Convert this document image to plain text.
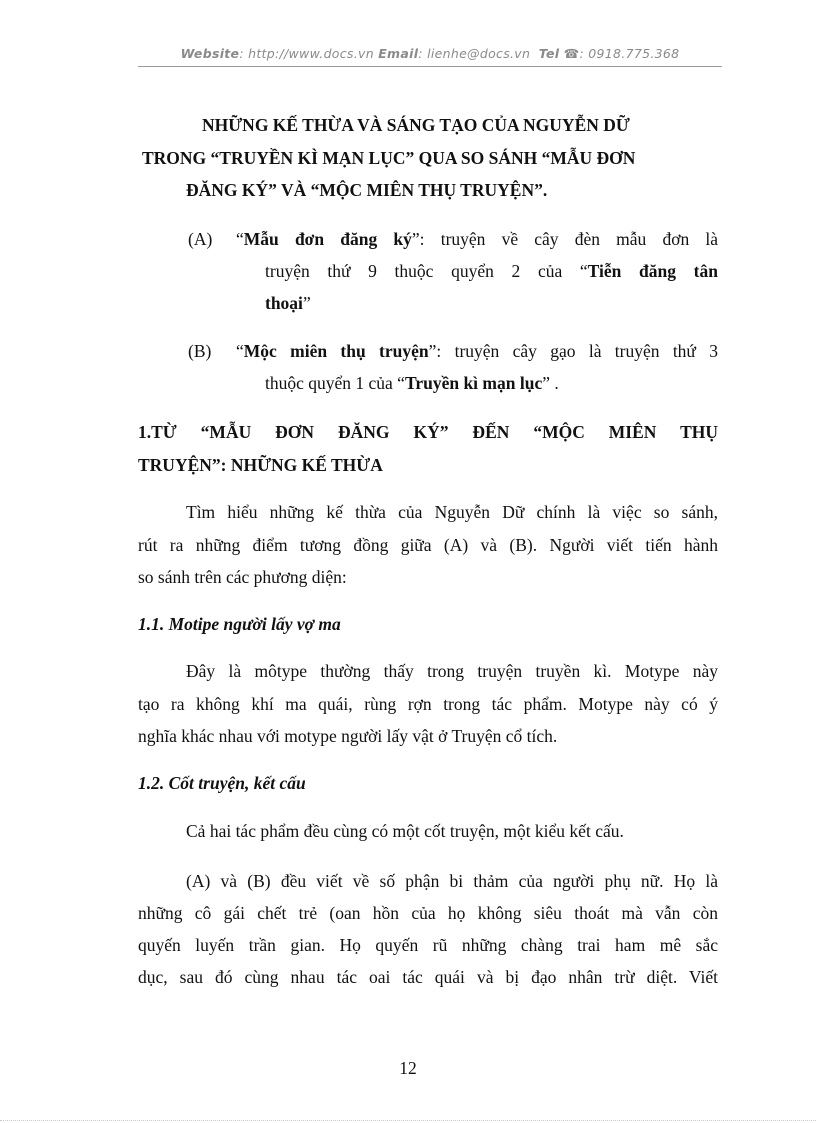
Website: http://www.docs.vn Email: lienhe@docs.vn Tel ☎: 0918.775.368

NHỮNG KẾ THỪA VÀ SÁNG TẠO CỦA NGUYỄN DỮ

TRONG “TRUYỀN KÌ MẠN LỤC” QUA SO SÁNH “MẪU ĐƠN

ĐĂNG KÝ” VÀ “MỘC MIÊN THỤ TRUYỆN”.

(A) “Mẫu đơn đăng ký”: truyện về cây đèn mẫu đơn là
truyện thứ 9 thuộc quyển 2 của “Tiễn đăng tân
thoại”
(B) “Mộc miên thụ truyện”: truyện cây gạo là truyện thứ 3
thuộc quyển 1 của “Truyền kì mạn lục” .
1.TỪ “MẪU ĐƠN ĐĂNG KÝ” ĐẾN “MỘC MIÊN THỤ
TRUYỆN”: NHỮNG KẾ THỪA
Tìm hiểu những kế thừa của Nguyễn Dữ chính là việc so sánh,
rút ra những điểm tương đồng giữa (A) và (B). Người viết tiến hành
so sánh trên các phương diện:
1.1. Motipe người lấy vợ ma
Đây là môtype thường thấy trong truyện truyền kì. Motype này
tạo ra không khí ma quái, rùng rợn trong tác phẩm. Motype này có ý
nghĩa khác nhau với motype người lấy vật ở Truyện cổ tích.
1.2. Cốt truyện, kết cấu
Cả hai tác phẩm đều cùng có một cốt truyện, một kiểu kết cấu.
(A) và (B) đều viết về số phận bi thảm của người phụ nữ. Họ là
những cô gái chết trẻ (oan hồn của họ không siêu thoát mà vẫn còn
quyến luyến trần gian. Họ quyến rũ những chàng trai ham mê sắc
dục, sau đó cùng nhau tác oai tác quái và bị đạo nhân trừ diệt. Viết
12
